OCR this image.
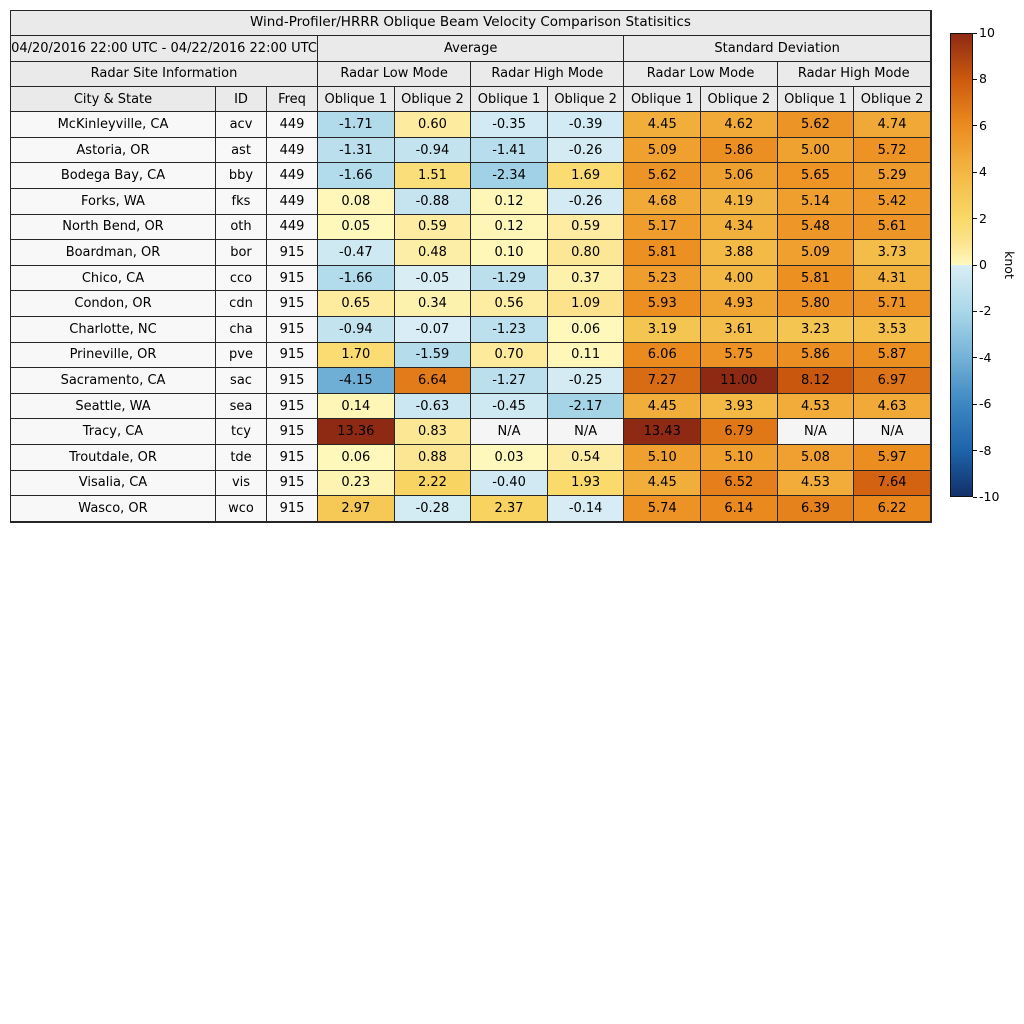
Wind-Profiler/HRRR Oblique Beam Velocity Comparison Statisitics
04/20/2016 22:00 UTC - 04/22/2016 22:00 UTC	Average	Standard Deviation
Radar Site Information	Radar Low Mode	Radar High Mode	Radar Low Mode	Radar High Mode
City & State	ID	Freq	Oblique 1	Oblique 2	Oblique 1	Oblique 2	Oblique 1	Oblique 2	Oblique 1	Oblique 2
McKinleyville, CA	acv	449	-1.71	0.60	-0.35	-0.39	4.45	4.62	5.62	4.74
Astoria, OR	ast	449	-1.31	-0.94	-1.41	-0.26	5.09	5.86	5.00	5.72
Bodega Bay, CA	bby	449	-1.66	1.51	-2.34	1.69	5.62	5.06	5.65	5.29
Forks, WA	fks	449	0.08	-0.88	0.12	-0.26	4.68	4.19	5.14	5.42
North Bend, OR	oth	449	0.05	0.59	0.12	0.59	5.17	4.34	5.48	5.61
Boardman, OR	bor	915	-0.47	0.48	0.10	0.80	5.81	3.88	5.09	3.73
Chico, CA	cco	915	-1.66	-0.05	-1.29	0.37	5.23	4.00	5.81	4.31
Condon, OR	cdn	915	0.65	0.34	0.56	1.09	5.93	4.93	5.80	5.71
Charlotte, NC	cha	915	-0.94	-0.07	-1.23	0.06	3.19	3.61	3.23	3.53
Prineville, OR	pve	915	1.70	-1.59	0.70	0.11	6.06	5.75	5.86	5.87
Sacramento, CA	sac	915	-4.15	6.64	-1.27	-0.25	7.27	11.00	8.12	6.97
Seattle, WA	sea	915	0.14	-0.63	-0.45	-2.17	4.45	3.93	4.53	4.63
Tracy, CA	tcy	915	13.36	0.83	N/A	N/A	13.43	6.79	N/A	N/A
Troutdale, OR	tde	915	0.06	0.88	0.03	0.54	5.10	5.10	5.08	5.97
Visalia, CA	vis	915	0.23	2.22	-0.40	1.93	4.45	6.52	4.53	7.64
Wasco, OR	wco	915	2.97	-0.28	2.37	-0.14	5.74	6.14	6.39	6.22
knot
10
8
6
4
2
0
-2
-4
-6
-8
-10
